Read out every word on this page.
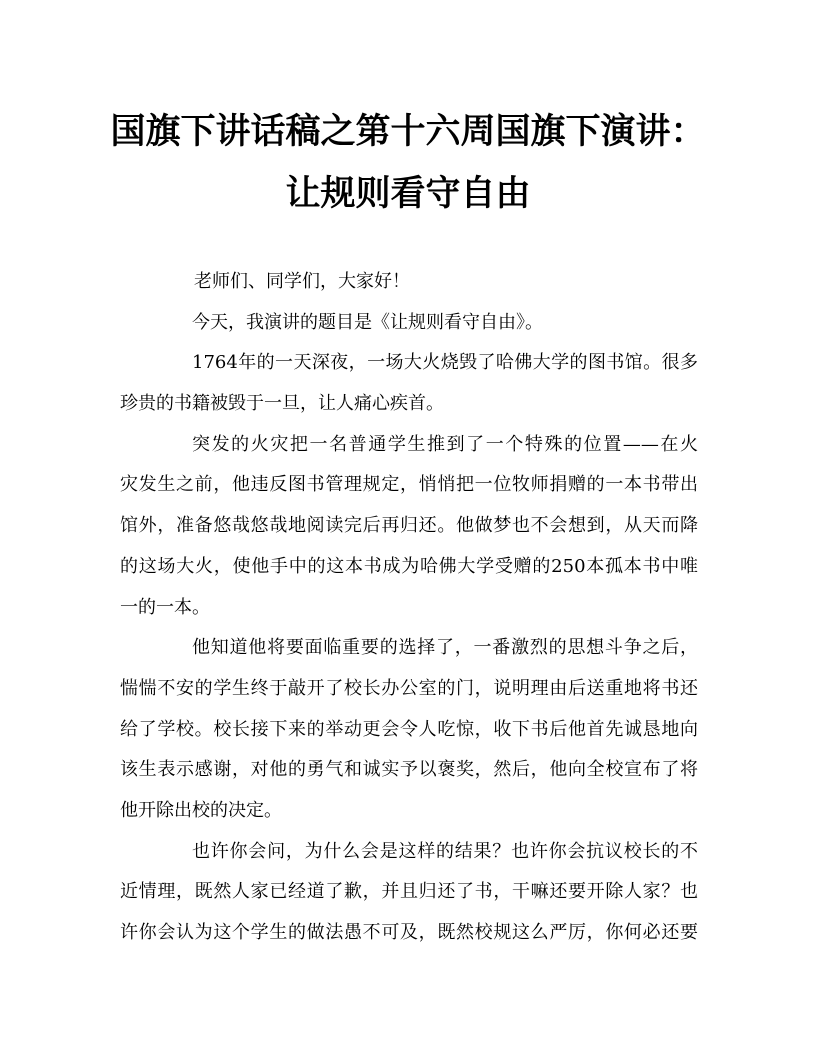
国旗下讲话稿之第十六周国旗下演讲：
让规则看守自由
老师们、同学们，大家好！
今天，我演讲的题目是《让规则看守自由》。
1764年的一天深夜，一场大火烧毁了哈佛大学的图书馆。很多
珍贵的书籍被毁于一旦，让人痛心疾首。
突发的火灾把一名普通学生推到了一个特殊的位置——在火
灾发生之前，他违反图书管理规定，悄悄把一位牧师捐赠的一本书带出
馆外，准备悠哉悠哉地阅读完后再归还。他做梦也不会想到，从天而降
的这场大火，使他手中的这本书成为哈佛大学受赠的250本孤本书中唯
一的一本。
他知道他将要面临重要的选择了，一番激烈的思想斗争之后，
惴惴不安的学生终于敲开了校长办公室的门，说明理由后送重地将书还
给了学校。校长接下来的举动更会令人吃惊，收下书后他首先诚恳地向
该生表示感谢，对他的勇气和诚实予以褒奖，然后，他向全校宣布了将
他开除出校的决定。
也许你会问，为什么会是这样的结果？也许你会抗议校长的不
近情理，既然人家已经道了歉，并且归还了书，干嘛还要开除人家？也
许你会认为这个学生的做法愚不可及，既然校规这么严厉，你何必还要
